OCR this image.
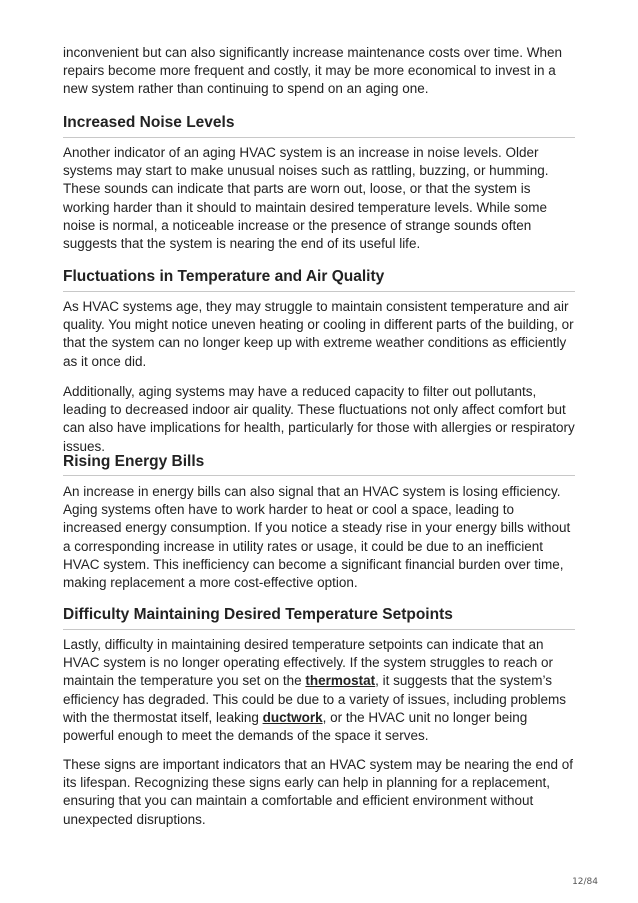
inconvenient but can also significantly increase maintenance costs over time. When repairs become more frequent and costly, it may be more economical to invest in a new system rather than continuing to spend on an aging one.

Increased Noise Levels

Another indicator of an aging HVAC system is an increase in noise levels. Older systems may start to make unusual noises such as rattling, buzzing, or humming. These sounds can indicate that parts are worn out, loose, or that the system is working harder than it should to maintain desired temperature levels. While some noise is normal, a noticeable increase or the presence of strange sounds often suggests that the system is nearing the end of its useful life.

Fluctuations in Temperature and Air Quality

As HVAC systems age, they may struggle to maintain consistent temperature and air quality. You might notice uneven heating or cooling in different parts of the building, or that the system can no longer keep up with extreme weather conditions as efficiently as it once did.

Additionally, aging systems may have a reduced capacity to filter out pollutants, leading to decreased indoor air quality. These fluctuations not only affect comfort but can also have implications for health, particularly for those with allergies or respiratory issues.

Rising Energy Bills

An increase in energy bills can also signal that an HVAC system is losing efficiency. Aging systems often have to work harder to heat or cool a space, leading to increased energy consumption. If you notice a steady rise in your energy bills without a corresponding increase in utility rates or usage, it could be due to an inefficient HVAC system. This inefficiency can become a significant financial burden over time, making replacement a more cost-effective option.

Difficulty Maintaining Desired Temperature Setpoints

Lastly, difficulty in maintaining desired temperature setpoints can indicate that an HVAC system is no longer operating effectively. If the system struggles to reach or maintain the temperature you set on the thermostat, it suggests that the system’s efficiency has degraded. This could be due to a variety of issues, including problems with the thermostat itself, leaking ductwork, or the HVAC unit no longer being powerful enough to meet the demands of the space it serves.

These signs are important indicators that an HVAC system may be nearing the end of its lifespan. Recognizing these signs early can help in planning for a replacement, ensuring that you can maintain a comfortable and efficient environment without unexpected disruptions.

12/84
